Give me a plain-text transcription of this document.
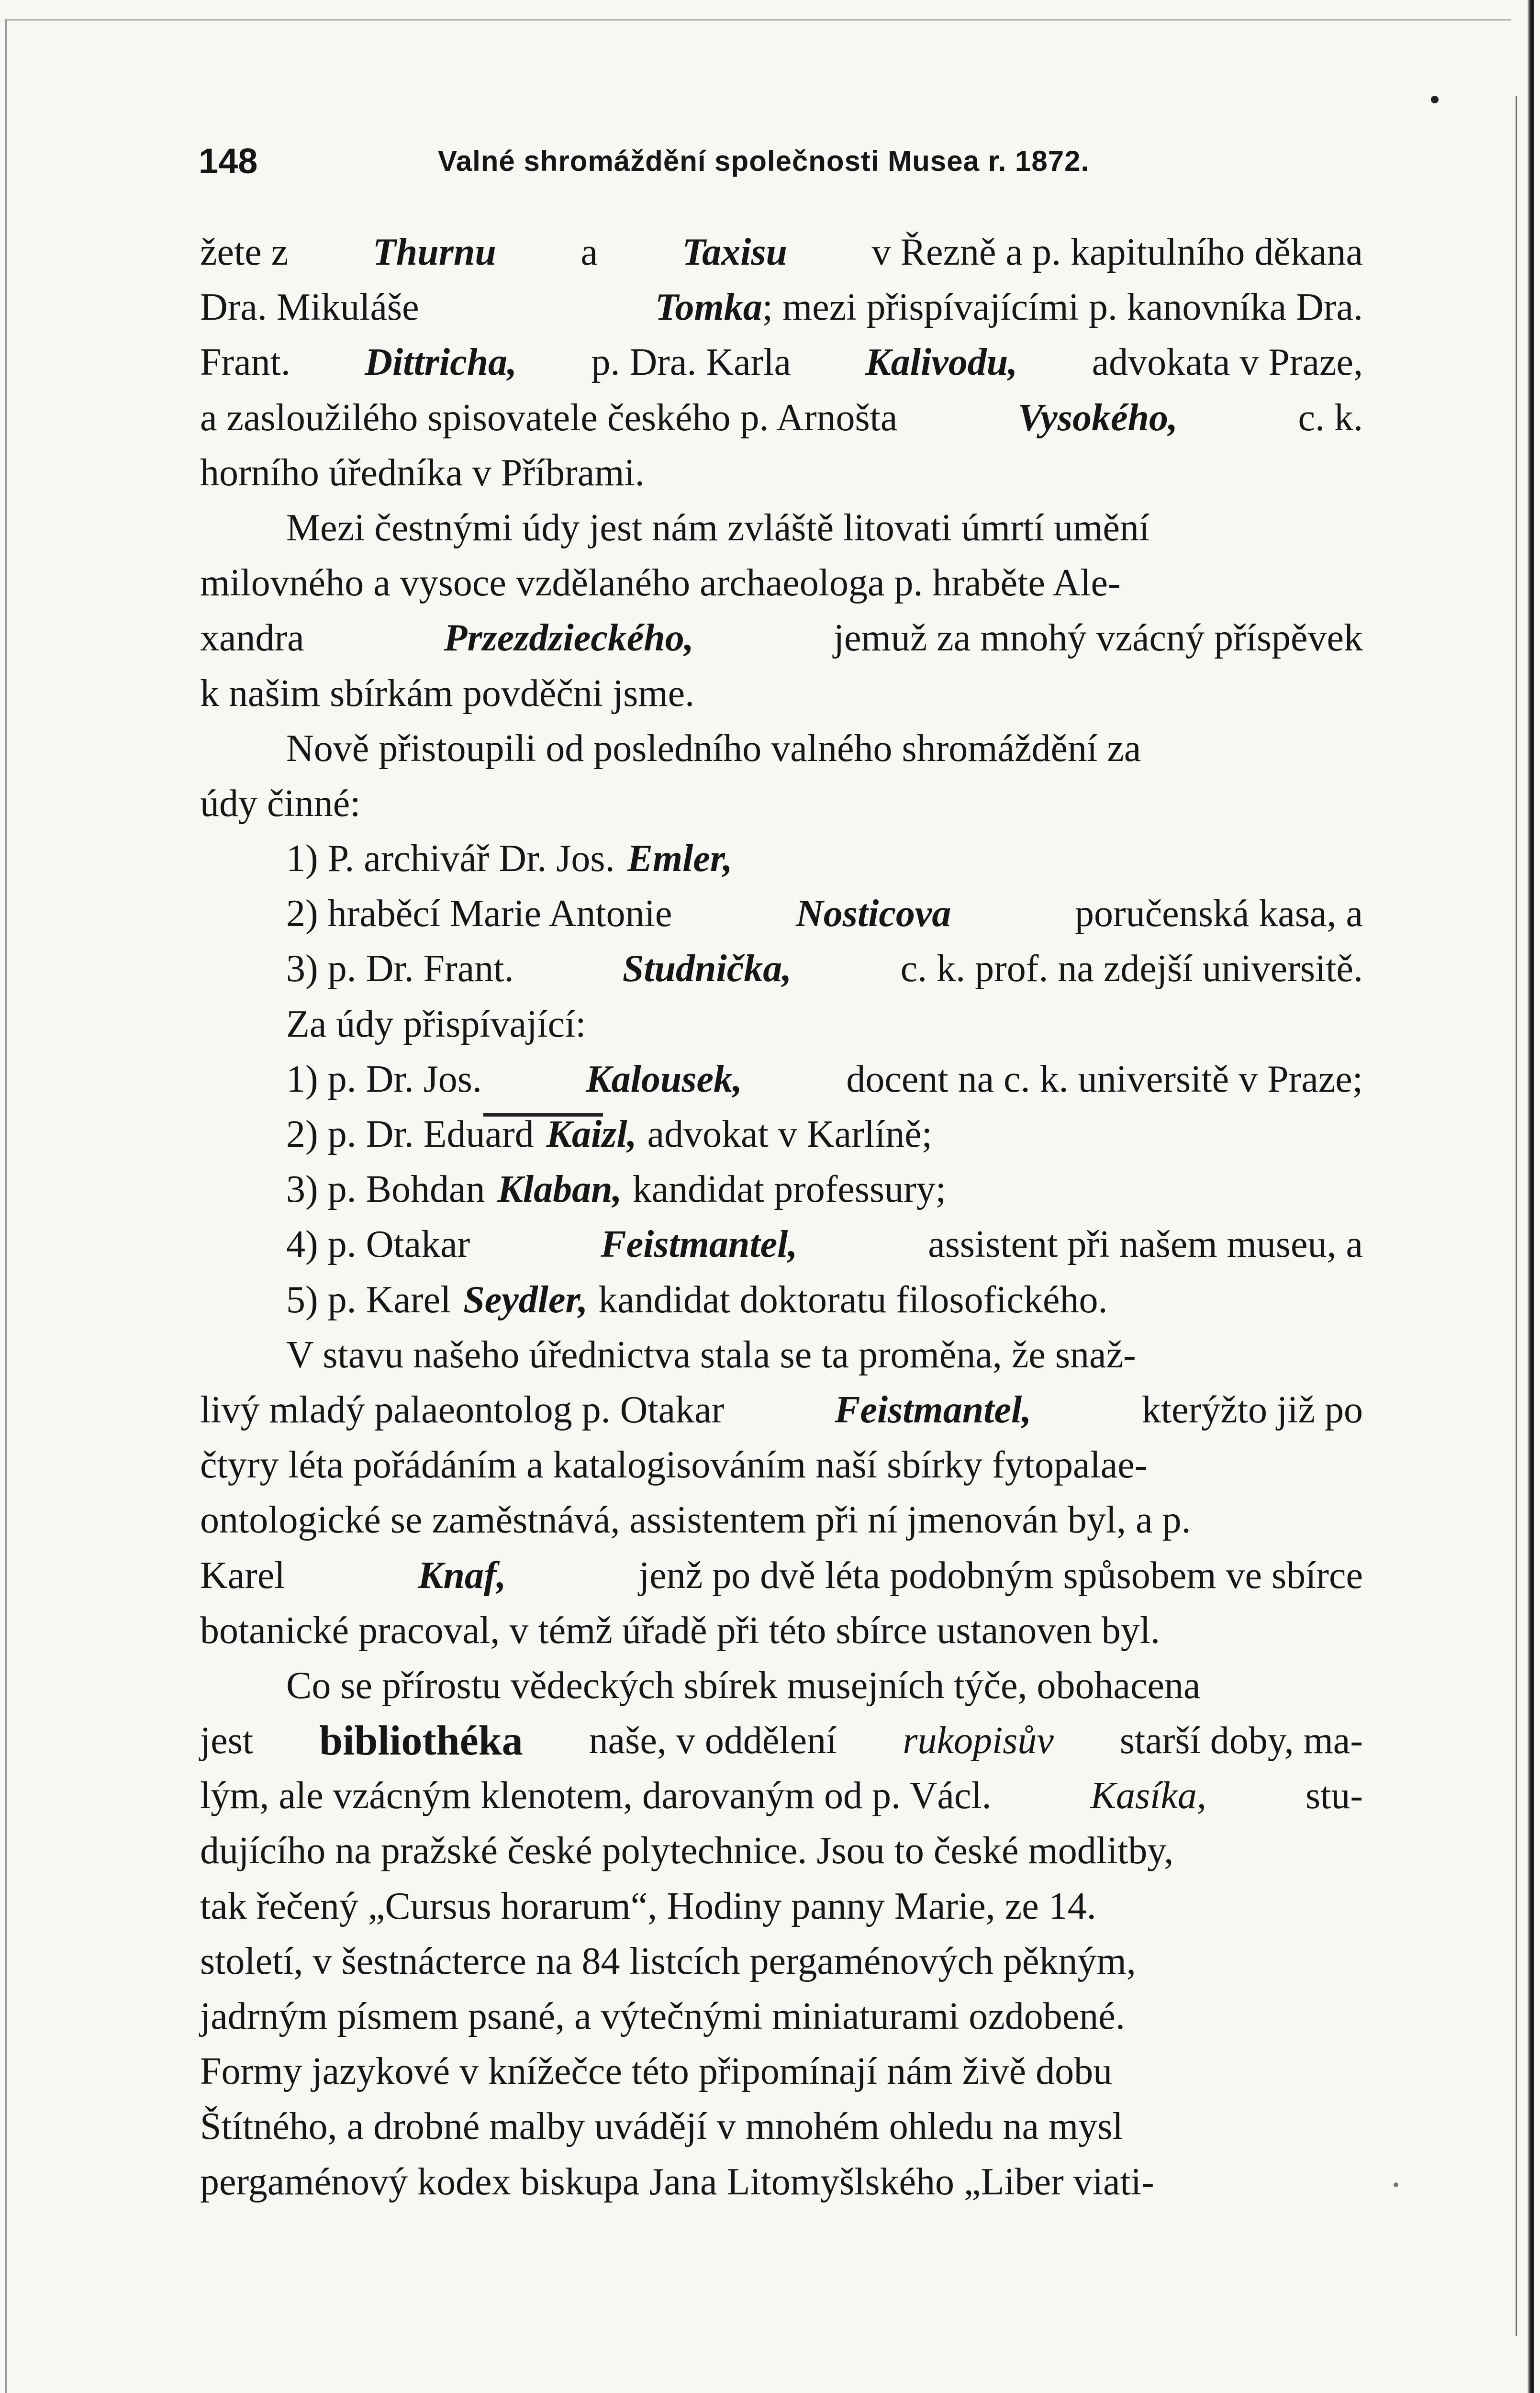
148	Valné shromáždění společnosti Musea r. 1872.
žete z Thurnu a Taxisu v Řezně a p. kapitulního děkana
Dra. Mikuláše	Tomka; mezi přispívajícími p. kanovníka Dra.
Frant. Dittricha, p. Dra. Karla Kalivodu, advokata v Praze,
a zasloužilého spisovatele českého p. Arnošta	Vysokého,	c. k.
horního úředníka v Příbrami.
Mezi čestnými údy jest nám zvláště litovati úmrtí umění
milovného a vysoce vzdělaného archaeologa p. hraběte Ale-
xandra	Przezdzieckého,	jemuž za mnohý vzácný příspěvek
k našim sbírkám povděčni jsme.
Nově přistoupili od posledního valného shromáždění za
údy činné:
1) P. archivář Dr. Jos. Emler,
2) hraběcí Marie Antonie	Nosticova	poručenská kasa, a
3) p. Dr. Frant.	Studnička,	c. k. prof. na zdejší universitě.
Za údy přispívající:
1) p. Dr. Jos.	Kalousek,	docent na c. k. universitě v Praze;
2) p. Dr. Eduard Kaizl, advokat v Karlíně;
3) p. Bohdan Klaban, kandidat professury;
4) p. Otakar	Feistmantel,	assistent při našem museu, a
5) p. Karel Seydler, kandidat doktoratu filosofického.
V stavu našeho úřednictva stala se ta proměna, že snaž-
livý mladý palaeontolog p. Otakar	Feistmantel,	kterýžto již po
čtyry léta pořádáním a katalogisováním naší sbírky fytopalae-
ontologické se zaměstnává, assistentem při ní jmenován byl, a p.
Karel	Knaf,	jenž po dvě léta podobným spůsobem ve sbírce
botanické pracoval, v témž úřadě při této sbírce ustanoven byl.
Co se přírostu vědeckých sbírek musejních týče, obohacena
jest bibliothéka naše, v oddělení rukopisův starší doby, ma-
lým, ale vzácným klenotem, darovaným od p. Václ.	Kasíka,	stu-
dujícího na pražské české polytechnice. Jsou to české modlitby,
tak řečený „Cursus horarum“, Hodiny panny Marie, ze 14.
století, v šestnácterce na 84 listcích pergaménových pěkným,
jadrným písmem psané, a výtečnými miniaturami ozdobené.
Formy jazykové v knížečce této připomínají nám živě dobu
Štítného, a drobné malby uvádějí v mnohém ohledu na mysl
pergaménový kodex biskupa Jana Litomyšlského „Liber viati-
